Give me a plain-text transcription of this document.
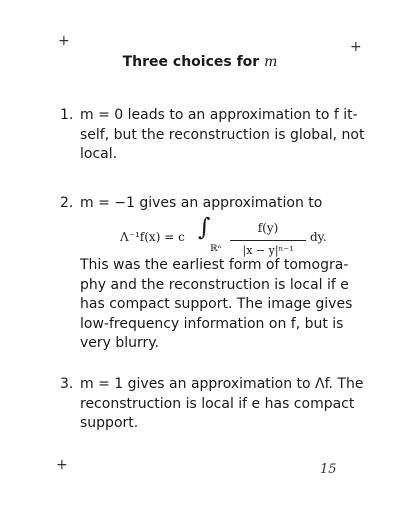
+	+
+
Three choices for m
1. m = 0 leads to an approximation to f it-self, but the reconstruction is global, not local.
2. m = −1 gives an approximation to
Λ⁻¹f(x) = c ∫
ℝⁿ $\frac{f(y)}{\text{|x − y|ⁿ⁻¹}}$ dy.
This was the earliest form of tomogra-phy and the reconstruction is local if e has compact support. The image gives low-frequency information on f, but is very blurry.
3. m = 1 gives an approximation to Λf. The reconstruction is local if e has compact support.
15
